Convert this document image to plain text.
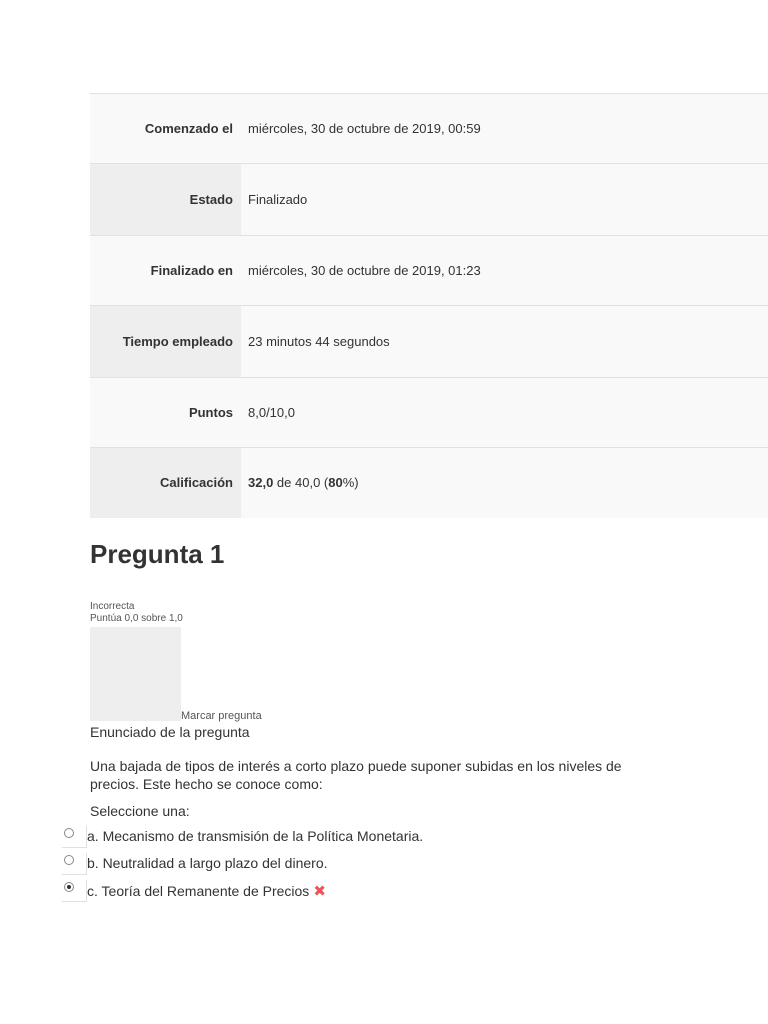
Comenzado el	miércoles, 30 de octubre de 2019, 00:59
Estado	Finalizado
Finalizado en	miércoles, 30 de octubre de 2019, 01:23
Tiempo empleado	23 minutos 44 segundos
Puntos	8,0/10,0
Calificación	32,0 de 40,0 (80%)
Pregunta 1
Incorrecta
Puntúa 0,0 sobre 1,0
Marcar pregunta
Enunciado de la pregunta
Una bajada de tipos de interés a corto plazo puede suponer subidas en los niveles de precios. Este hecho se conoce como:
Seleccione una:
a. Mecanismo de transmisión de la Política Monetaria.
b. Neutralidad a largo plazo del dinero.
c. Teoría del Remanente de Precios ✖
